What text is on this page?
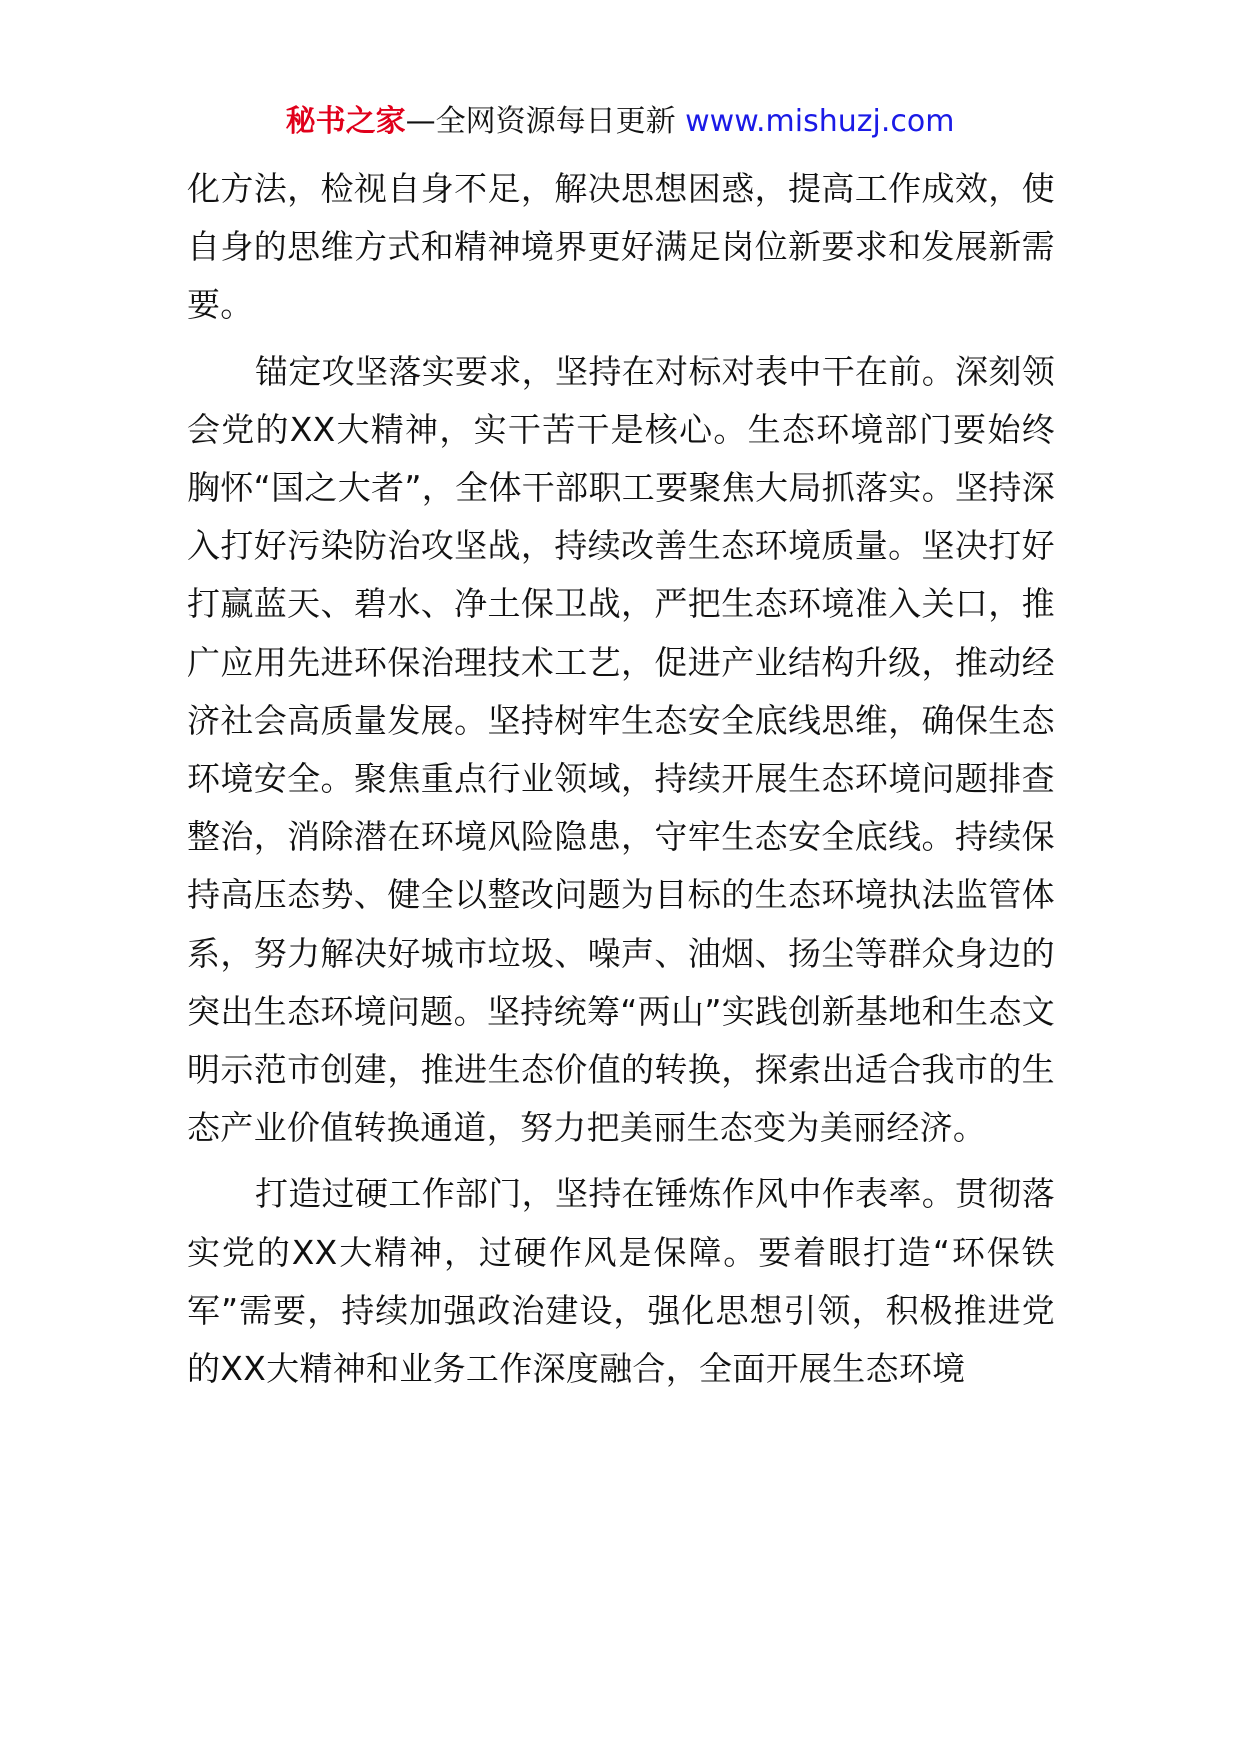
秘书之家—全网资源每日更新 www.mishuzj.com

化方法，检视自身不足，解决思想困惑，提高工作成效，使自身的思维方式和精神境界更好满足岗位新要求和发展新需要。

锚定攻坚落实要求，坚持在对标对表中干在前。深刻领会党的XX大精神，实干苦干是核心。生态环境部门要始终胸怀“国之大者”，全体干部职工要聚焦大局抓落实。坚持深入打好污染防治攻坚战，持续改善生态环境质量。坚决打好打赢蓝天、碧水、净土保卫战，严把生态环境准入关口，推广应用先进环保治理技术工艺，促进产业结构升级，推动经济社会高质量发展。坚持树牢生态安全底线思维，确保生态环境安全。聚焦重点行业领域，持续开展生态环境问题排查整治，消除潜在环境风险隐患，守牢生态安全底线。持续保持高压态势、健全以整改问题为目标的生态环境执法监管体系，努力解决好城市垃圾、噪声、油烟、扬尘等群众身边的突出生态环境问题。坚持统筹“两山”实践创新基地和生态文明示范市创建，推进生态价值的转换，探索出适合我市的生态产业价值转换通道，努力把美丽生态变为美丽经济。

打造过硬工作部门，坚持在锤炼作风中作表率。贯彻落实党的XX大精神，过硬作风是保障。要着眼打造“环保铁军”需要，持续加强政治建设，强化思想引领，积极推进党的XX大精神和业务工作深度融合，全面开展生态环境
